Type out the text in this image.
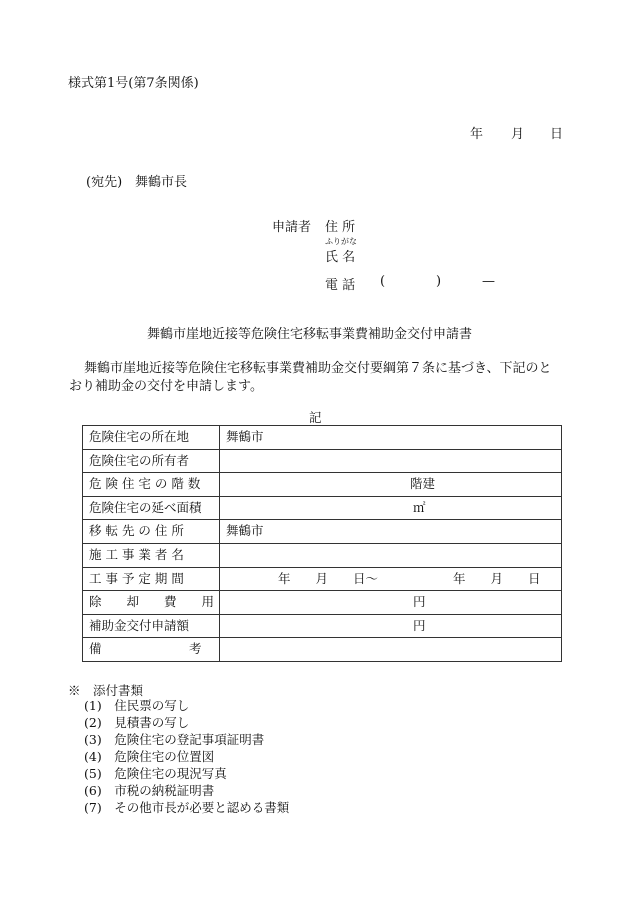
様式第1号(第7条関係)
年 月 日
(宛先) 舞鶴市長
申請者 住 所
ふりがな
氏 名
電 話 (	)	—
舞鶴市崖地近接等危険住宅移転事業費補助金交付申請書
舞鶴市崖地近接等危険住宅移転事業費補助金交付要綱第７条に基づき、下記のと
おり補助金の交付を申請します。
記
危険住宅の所在地	舞鶴市

危険住宅の所有者	

危 険 住 宅 の 階 数	階建

危険住宅の延べ面積	㎡

移 転 先 の 住 所	舞鶴市

施 工 事 業 者 名	

工 事 予 定 期 間	年　　月　　日～　　　　　　年　　月　　日

除　　却　　費　　用	円

補助金交付申請額	円

備　　　　　　　考	
※　添付書類
(1)　住民票の写し
(2)　見積書の写し
(3)　危険住宅の登記事項証明書
(4)　危険住宅の位置図
(5)　危険住宅の現況写真
(6)　市税の納税証明書
(7)　その他市長が必要と認める書類
